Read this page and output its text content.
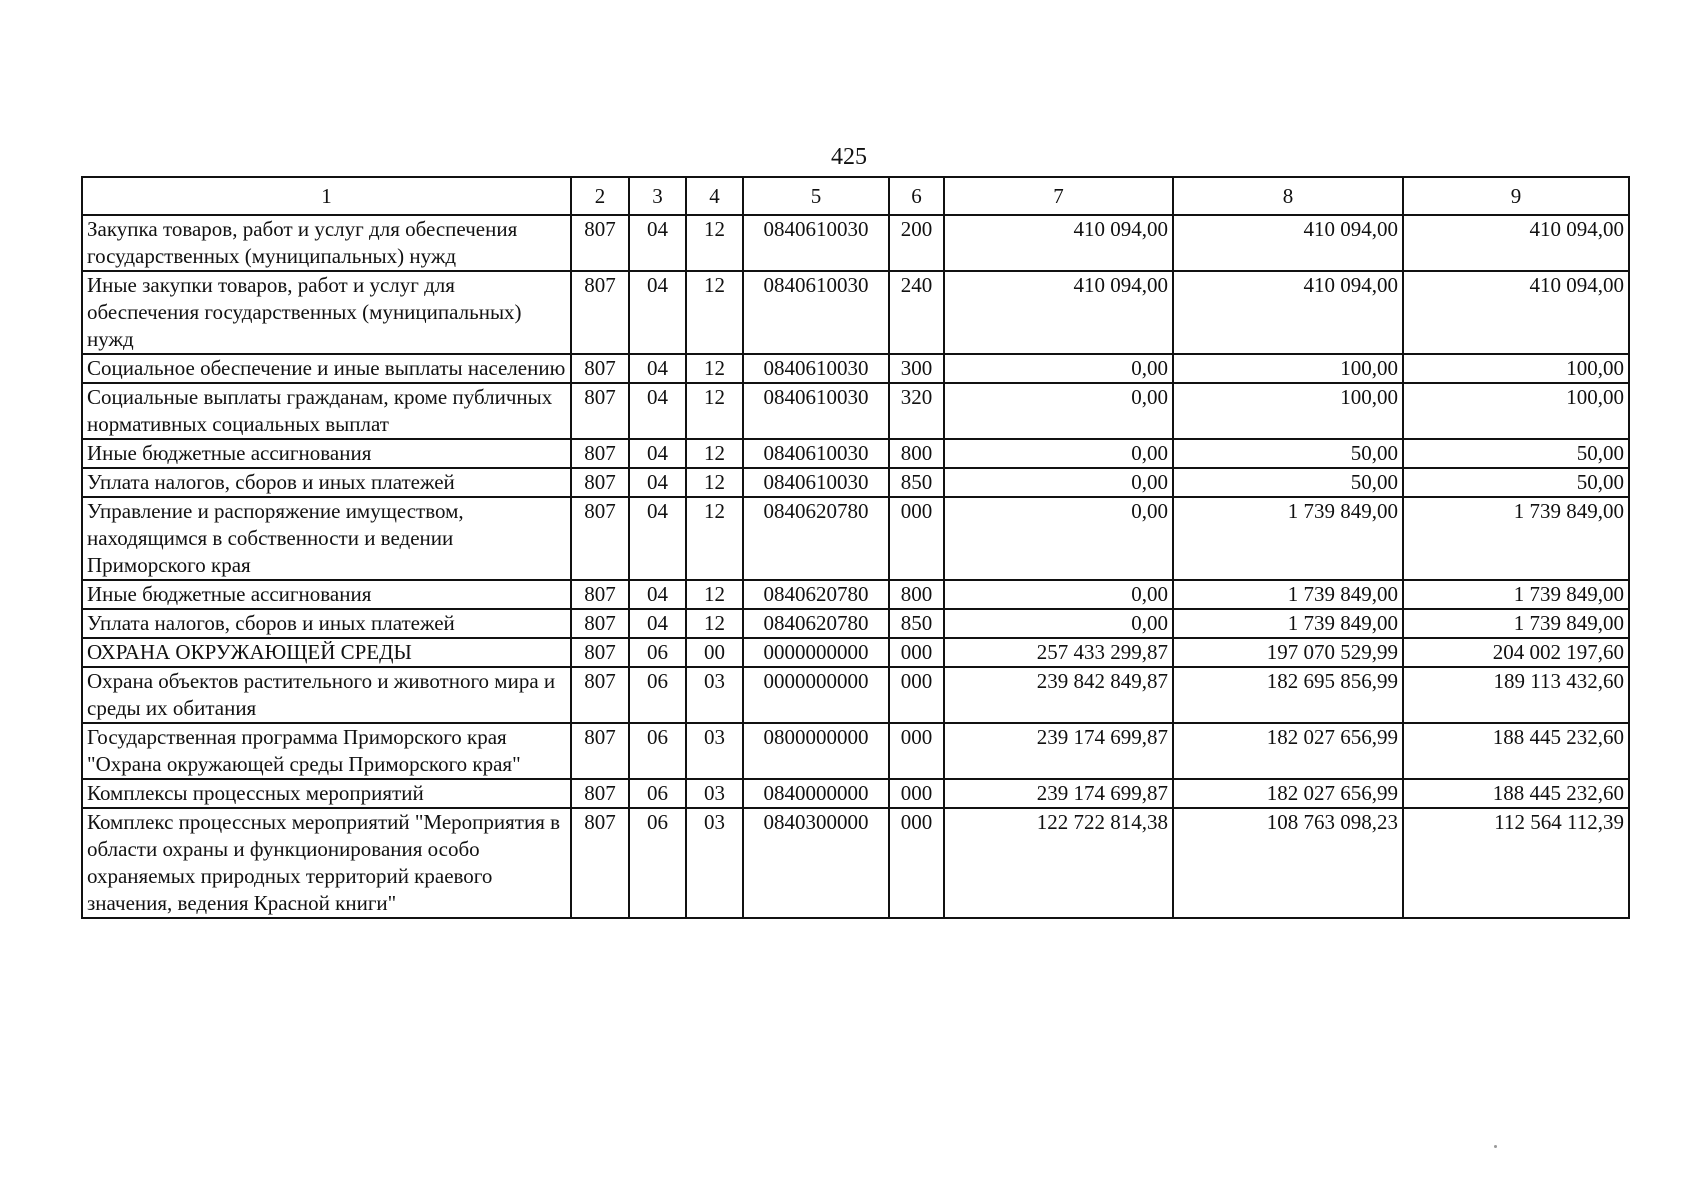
425
1	2	3	4	5	6	7	8	9
Закупка товаров, работ и услуг для обеспечения государственных (муниципальных) нужд	807	04	12	0840610030	200	410 094,00	410 094,00	410 094,00
Иные закупки товаров, работ и услуг для обеспечения государственных (муниципальных) нужд	807	04	12	0840610030	240	410 094,00	410 094,00	410 094,00
Социальное обеспечение и иные выплаты населению	807	04	12	0840610030	300	0,00	100,00	100,00
Социальные выплаты гражданам, кроме публичных нормативных социальных выплат	807	04	12	0840610030	320	0,00	100,00	100,00
Иные бюджетные ассигнования	807	04	12	0840610030	800	0,00	50,00	50,00
Уплата налогов, сборов и иных платежей	807	04	12	0840610030	850	0,00	50,00	50,00
Управление и распоряжение имуществом, находящимся в собственности и ведении Приморского края	807	04	12	0840620780	000	0,00	1 739 849,00	1 739 849,00
Иные бюджетные ассигнования	807	04	12	0840620780	800	0,00	1 739 849,00	1 739 849,00
Уплата налогов, сборов и иных платежей	807	04	12	0840620780	850	0,00	1 739 849,00	1 739 849,00
ОХРАНА ОКРУЖАЮЩЕЙ СРЕДЫ	807	06	00	0000000000	000	257 433 299,87	197 070 529,99	204 002 197,60
Охрана объектов растительного и животного мира и среды их обитания	807	06	03	0000000000	000	239 842 849,87	182 695 856,99	189 113 432,60
Государственная программа Приморского края "Охрана окружающей среды Приморского края"	807	06	03	0800000000	000	239 174 699,87	182 027 656,99	188 445 232,60
Комплексы процессных мероприятий	807	06	03	0840000000	000	239 174 699,87	182 027 656,99	188 445 232,60
Комплекс процессных мероприятий "Мероприятия в области охраны и функционирования особо охраняемых природных территорий краевого значения, ведения Красной книги"	807	06	03	0840300000	000	122 722 814,38	108 763 098,23	112 564 112,39
